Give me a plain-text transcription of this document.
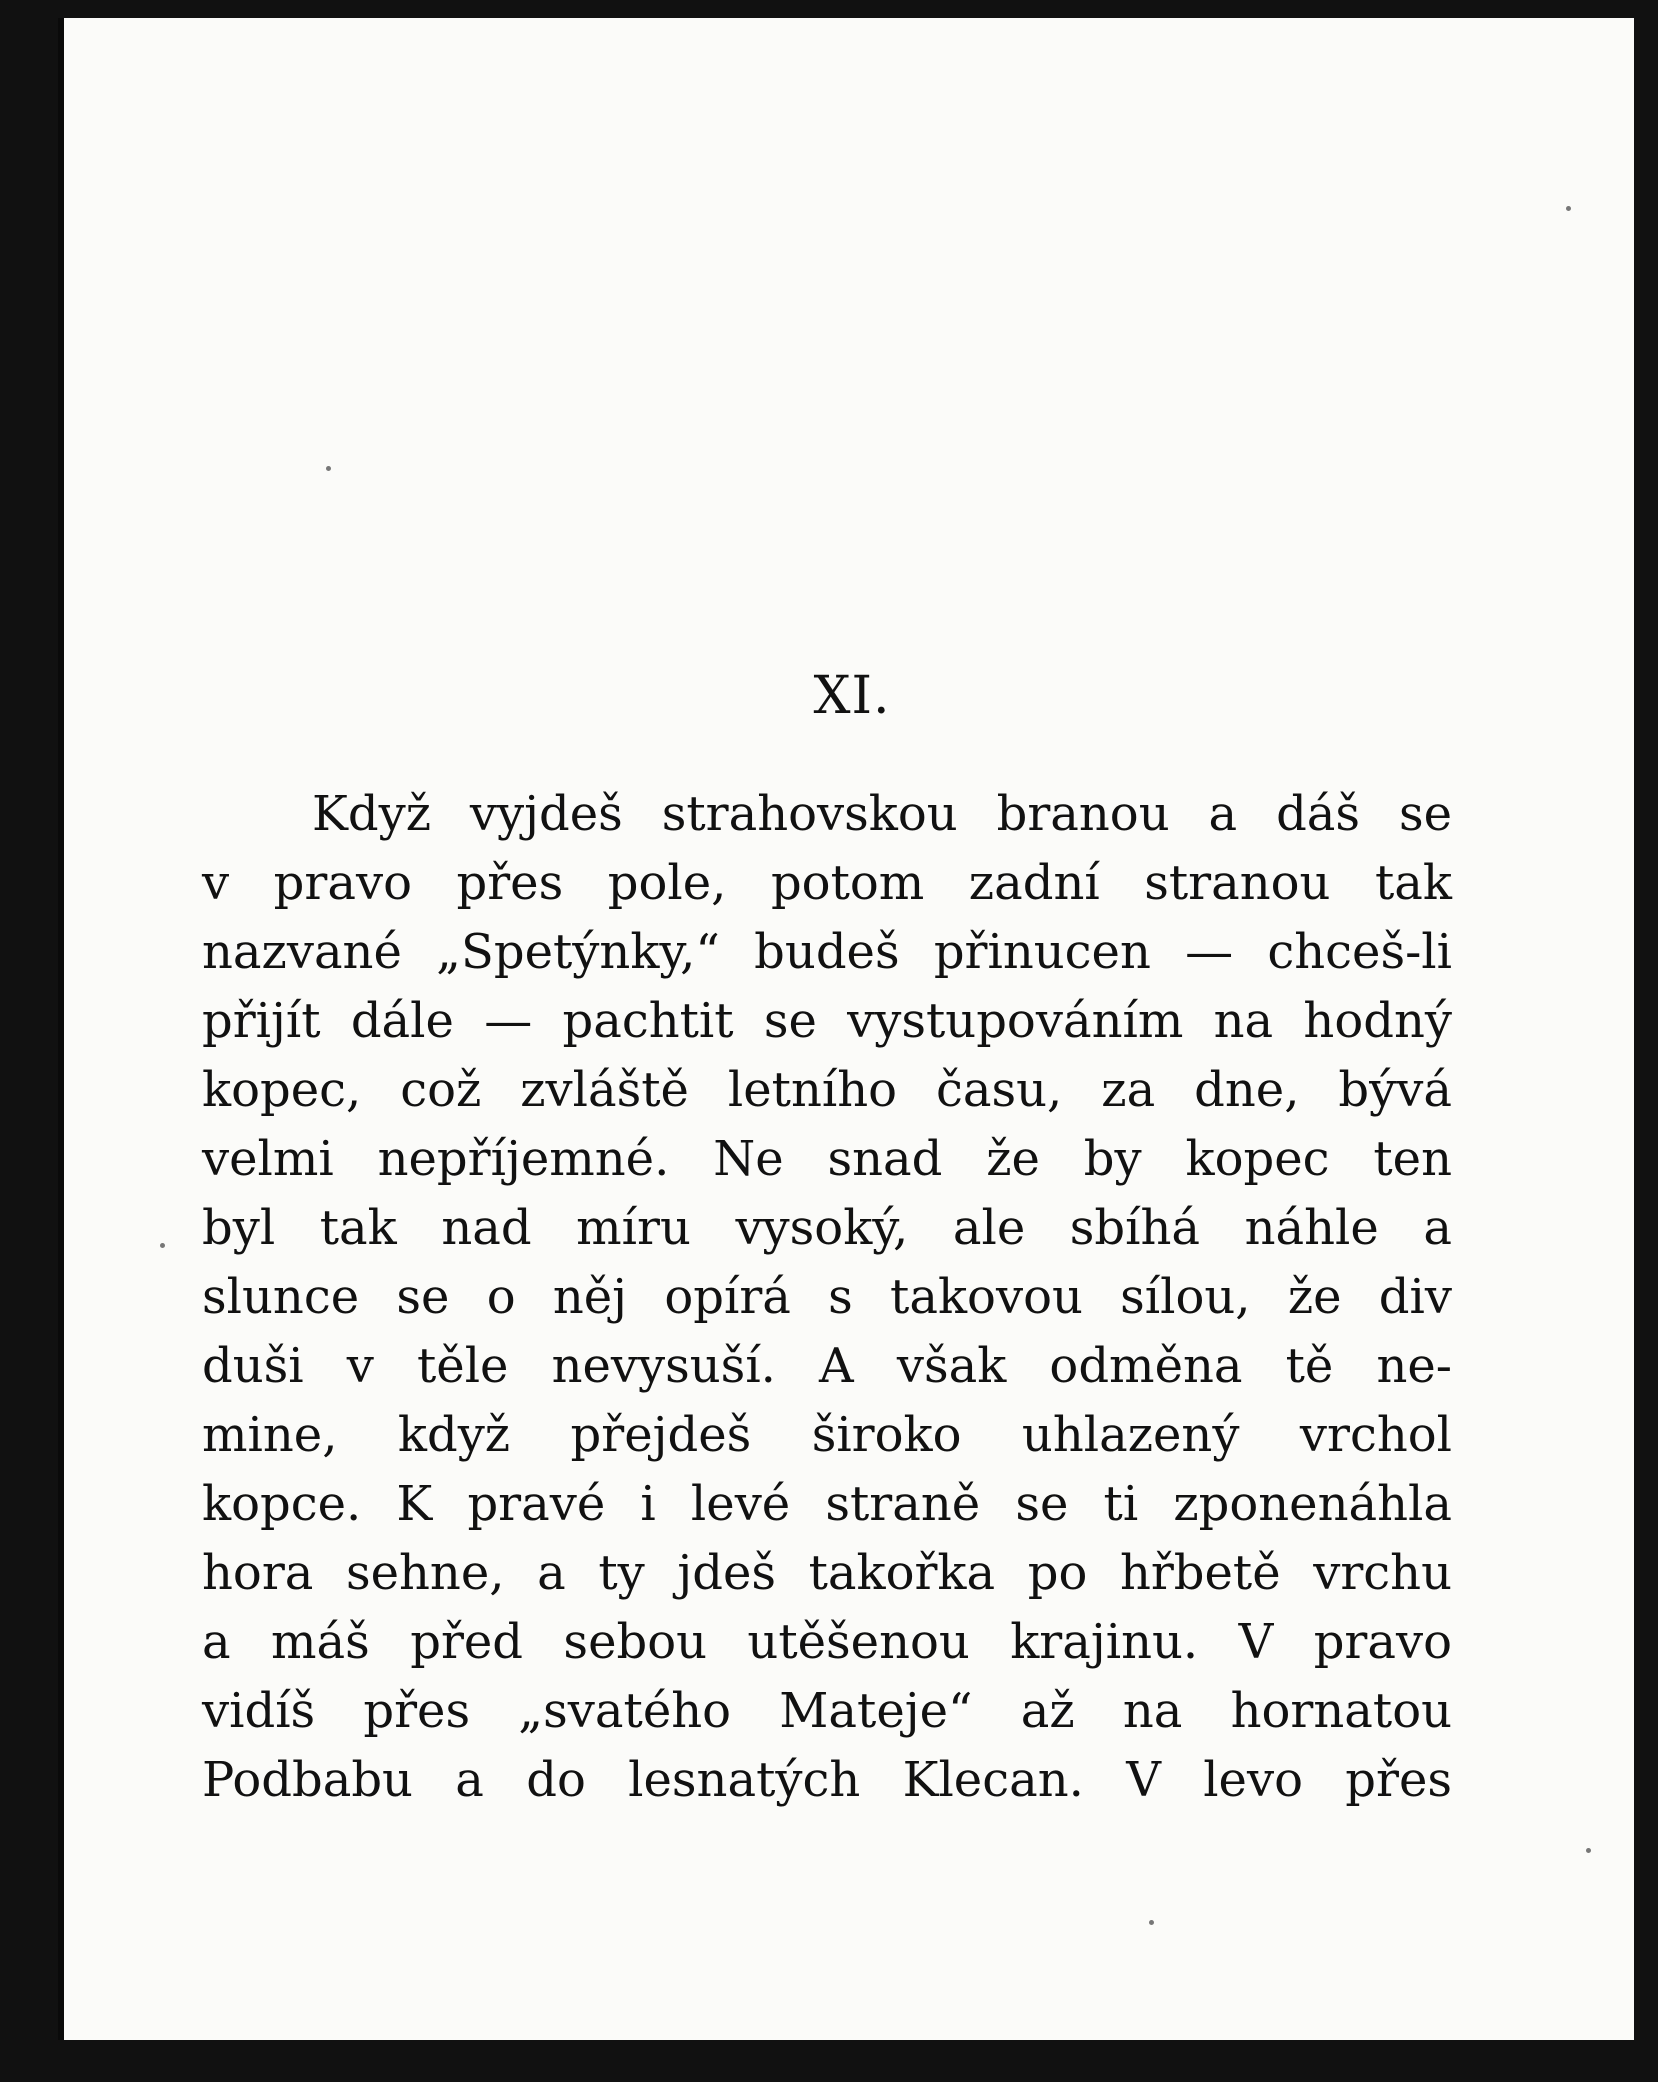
XI.
Když vyjdeš strahovskou branou a dáš se
v pravo přes pole, potom zadní stranou tak
nazvané „Spetýnky,“ budeš přinucen — chceš-li
přijít dále — pachtit se vystupováním na hodný
kopec, což zvláště letního času, za dne, bývá
velmi nepříjemné. Ne snad že by kopec ten
byl tak nad míru vysoký, ale sbíhá náhle a
slunce se o něj opírá s takovou sílou, že div
duši v těle nevysuší. A však odměna tě ne-
mine, když přejdeš široko uhlazený vrchol
kopce. K pravé i levé straně se ti zponenáhla
hora sehne, a ty jdeš takořka po hřbetě vrchu
a máš před sebou utěšenou krajinu. V pravo
vidíš přes „svatého Mateje“ až na hornatou
Podbabu a do lesnatých Klecan. V levo přes
